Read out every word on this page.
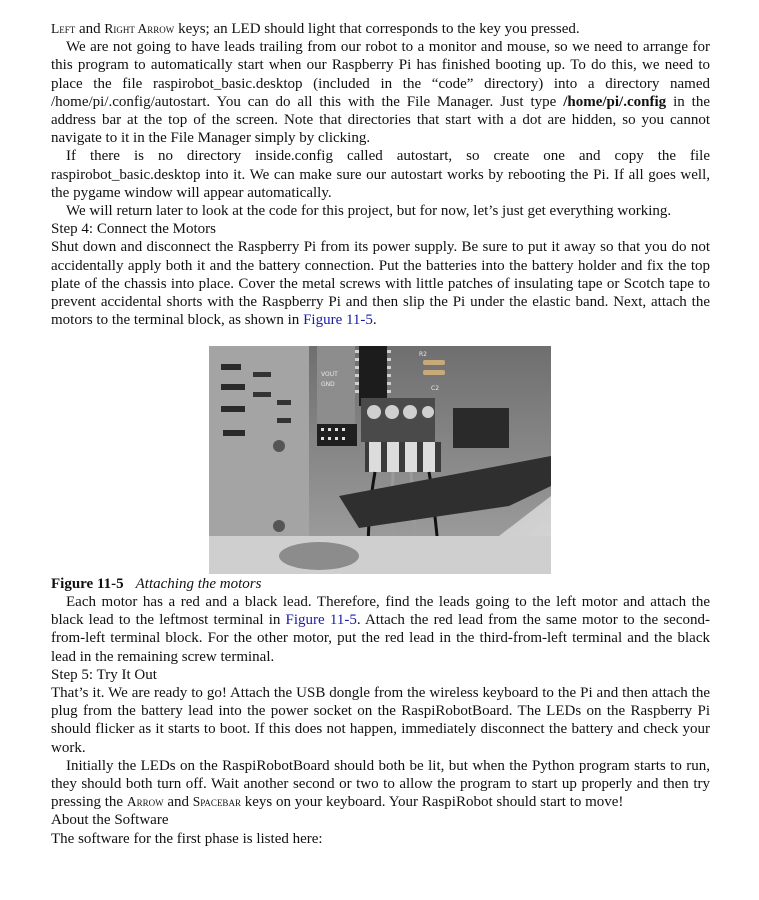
Left and Right Arrow keys; an LED should light that corresponds to the key you pressed.

We are not going to have leads trailing from our robot to a monitor and mouse, so we need to arrange for this program to automatically start when our Raspberry Pi has finished booting up. To do this, we need to place the file raspirobot_basic.desktop (included in the “code” directory) into a directory named /home/pi/.config/autostart. You can do all this with the File Manager. Just type /home/pi/.config in the address bar at the top of the screen. Note that directories that start with a dot are hidden, so you cannot navigate to it in the File Manager simply by clicking.

If there is no directory inside.config called autostart, so create one and copy the file raspirobot_basic.desktop into it. We can make sure our autostart works by rebooting the Pi. If all goes well, the pygame window will appear automatically.

We will return later to look at the code for this project, but for now, let’s just get everything working.

Step 4: Connect the Motors

Shut down and disconnect the Raspberry Pi from its power supply. Be sure to put it away so that you do not accidentally apply both it and the battery connection. Put the batteries into the battery holder and fix the top plate of the chassis into place. Cover the metal screws with little patches of insulating tape or Scotch tape to prevent accidental shorts with the Raspberry Pi and then slip the Pi under the elastic band. Next, attach the motors to the terminal block, as shown in Figure 11-5.

VOUT
GND
C2
R2
Figure 11-5 Attaching the motors

Each motor has a red and a black lead. Therefore, find the leads going to the left motor and attach the black lead to the leftmost terminal in Figure 11-5. Attach the red lead from the same motor to the second-from-left terminal block. For the other motor, put the red lead in the third-from-left terminal and the black lead in the remaining screw terminal.

Step 5: Try It Out

That’s it. We are ready to go! Attach the USB dongle from the wireless keyboard to the Pi and then attach the plug from the battery lead into the power socket on the RaspiRobotBoard. The LEDs on the Raspberry Pi should flicker as it starts to boot. If this does not happen, immediately disconnect the battery and check your work.

Initially the LEDs on the RaspiRobotBoard should both be lit, but when the Python program starts to run, they should both turn off. Wait another second or two to allow the program to start up properly and then try pressing the Arrow and Spacebar keys on your keyboard. Your RaspiRobot should start to move!

About the Software

The software for the first phase is listed here:
